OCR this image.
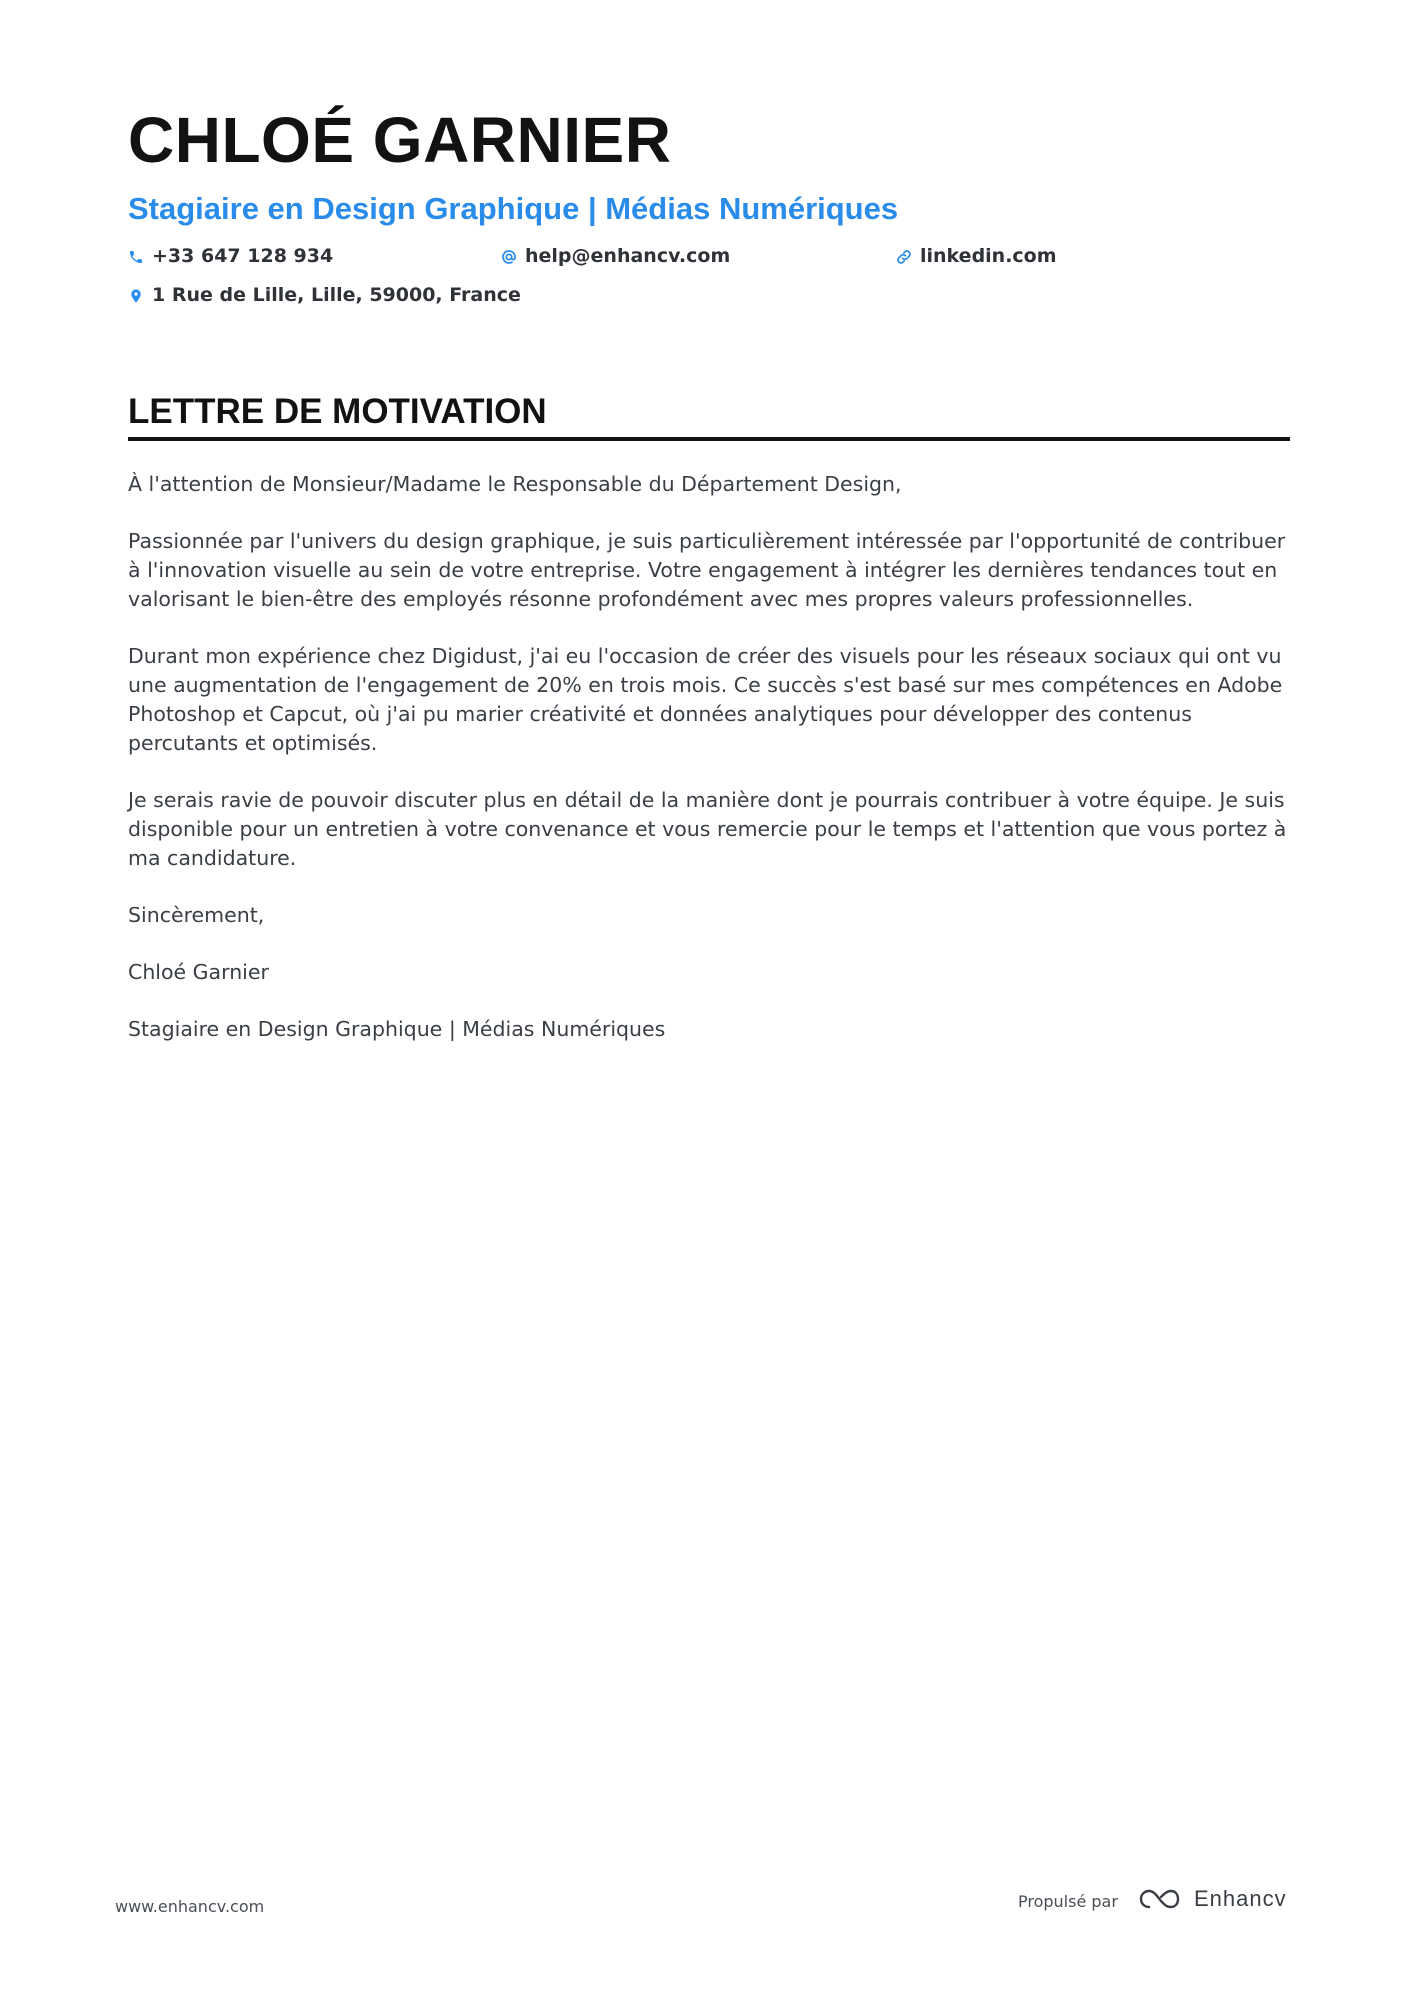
CHLOÉ GARNIER
Stagiaire en Design Graphique | Médias Numériques
+33 647 128 934	help@enhancv.com	linkedin.com
1 Rue de Lille, Lille, 59000, France
LETTRE DE MOTIVATION

À l'attention de Monsieur/Madame le Responsable du Département Design,

Passionnée par l'univers du design graphique, je suis particulièrement intéressée par l'opportunité de contribuer à l'innovation visuelle au sein de votre entreprise. Votre engagement à intégrer les dernières tendances tout en valorisant le bien-être des employés résonne profondément avec mes propres valeurs professionnelles.

Durant mon expérience chez Digidust, j'ai eu l'occasion de créer des visuels pour les réseaux sociaux qui ont vu une augmentation de l'engagement de 20% en trois mois. Ce succès s'est basé sur mes compétences en Adobe Photoshop et Capcut, où j'ai pu marier créativité et données analytiques pour développer des contenus percutants et optimisés.

Je serais ravie de pouvoir discuter plus en détail de la manière dont je pourrais contribuer à votre équipe. Je suis disponible pour un entretien à votre convenance et vous remercie pour le temps et l'attention que vous portez à ma candidature.

Sincèrement,

Chloé Garnier

Stagiaire en Design Graphique | Médias Numériques

www.enhancv.com	Propulsé par	Enhancv
